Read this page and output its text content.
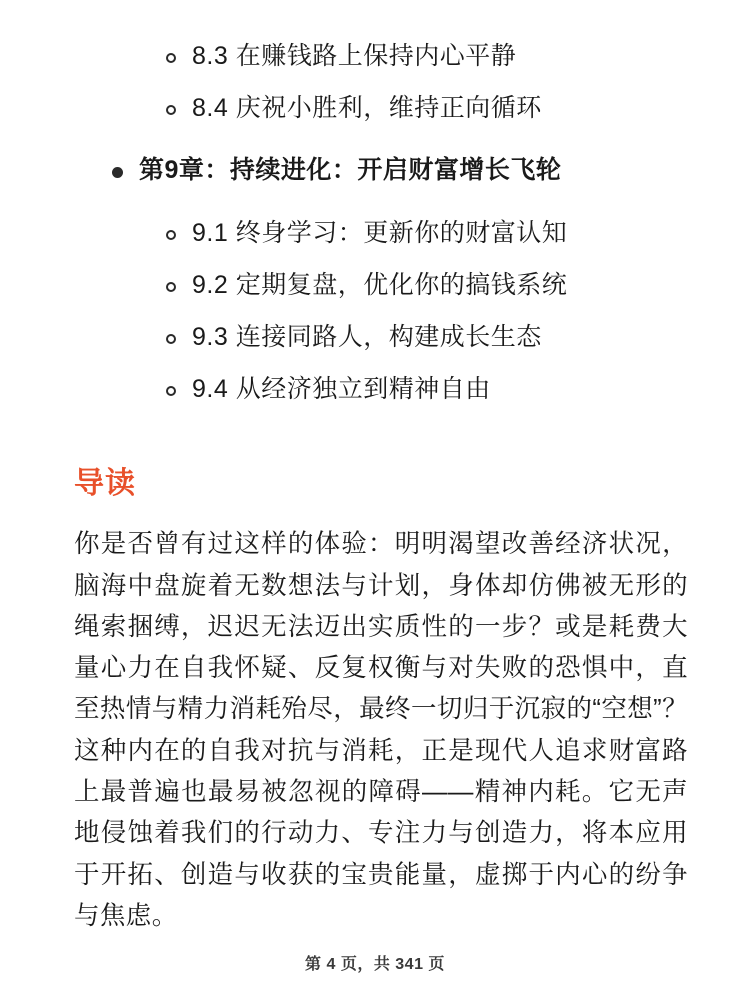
8.3 在赚钱路上保持内心平静
8.4 庆祝小胜利，维持正向循环
第9章：持续进化：开启财富增长飞轮
9.1 终身学习：更新你的财富认知
9.2 定期复盘，优化你的搞钱系统
9.3 连接同路人，构建成长生态
9.4 从经济独立到精神自由
导读

你是否曾有过这样的体验：明明渴望改善经济状况，脑海中盘旋着无数想法与计划，身体却仿佛被无形的绳索捆缚，迟迟无法迈出实质性的一步？或是耗费大量心力在自我怀疑、反复权衡与对失败的恐惧中，直至热情与精力消耗殆尽，最终一切归于沉寂的“空想”？这种内在的自我对抗与消耗，正是现代人追求财富路上最普遍也最易被忽视的障碍——精神内耗。它无声地侵蚀着我们的行动力、专注力与创造力，将本应用于开拓、创造与收获的宝贵能量，虚掷于内心的纷争与焦虑。

第 4 页，共 341 页
